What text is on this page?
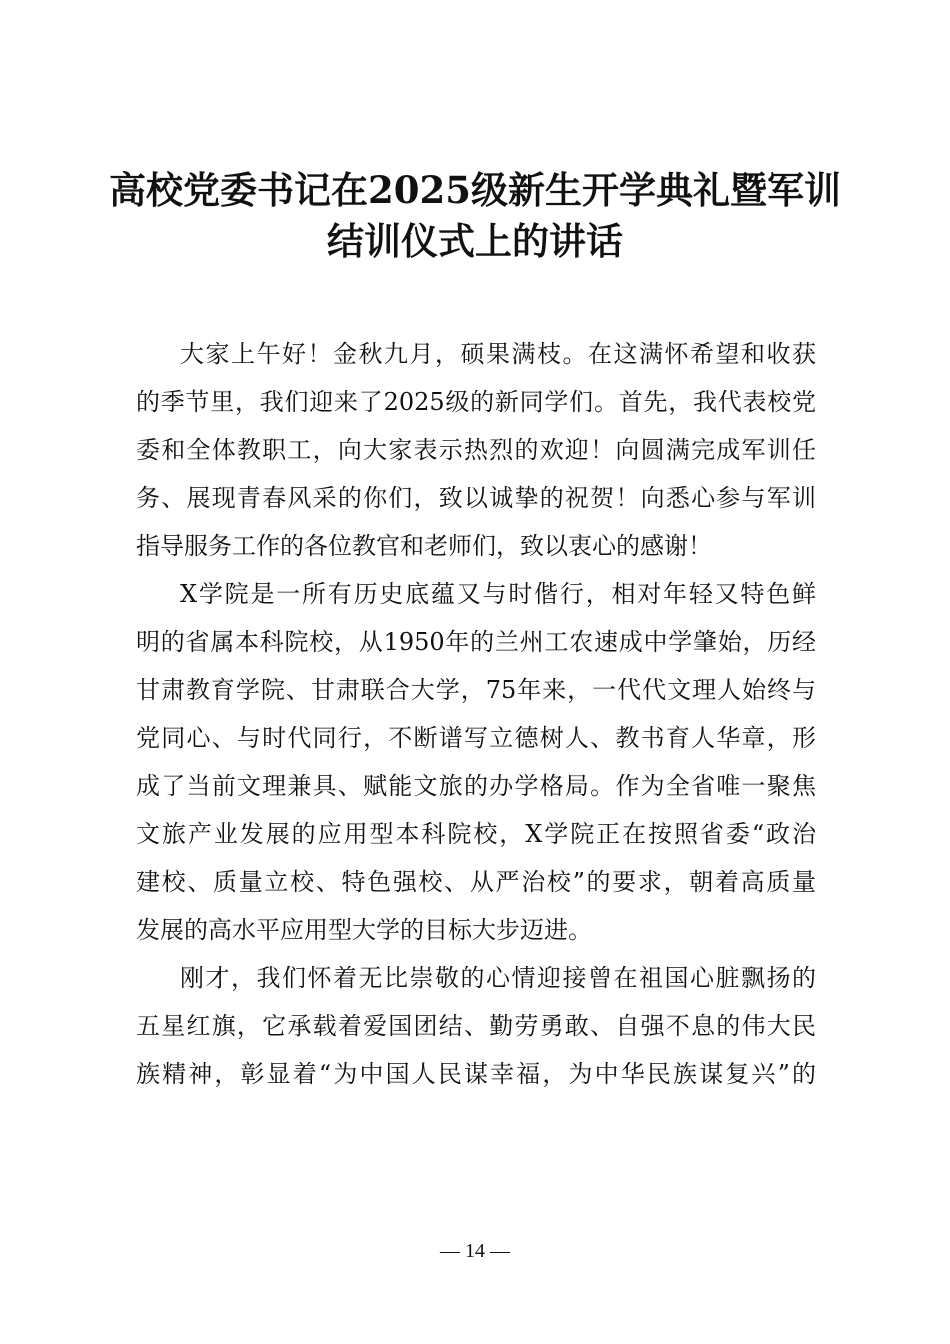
高校党委书记在2025级新生开学典礼暨军训
结训仪式上的讲话
大家上午好！金秋九月，硕果满枝。在这满怀希望和收获
的季节里，我们迎来了2025级的新同学们。首先，我代表校党
委和全体教职工，向大家表示热烈的欢迎！向圆满完成军训任
务、展现青春风采的你们，致以诚挚的祝贺！向悉心参与军训
指导服务工作的各位教官和老师们，致以衷心的感谢！
X学院是一所有历史底蕴又与时偕行，相对年轻又特色鲜
明的省属本科院校，从1950年的兰州工农速成中学肇始，历经
甘肃教育学院、甘肃联合大学，75年来，一代代文理人始终与
党同心、与时代同行，不断谱写立德树人、教书育人华章，形
成了当前文理兼具、赋能文旅的办学格局。作为全省唯一聚焦
文旅产业发展的应用型本科院校，X学院正在按照省委“政治
建校、质量立校、特色强校、从严治校”的要求，朝着高质量
发展的高水平应用型大学的目标大步迈进。
刚才，我们怀着无比崇敬的心情迎接曾在祖国心脏飘扬的
五星红旗，它承载着爱国团结、勤劳勇敢、自强不息的伟大民
族精神，彰显着“为中国人民谋幸福，为中华民族谋复兴”的
— 14 —
